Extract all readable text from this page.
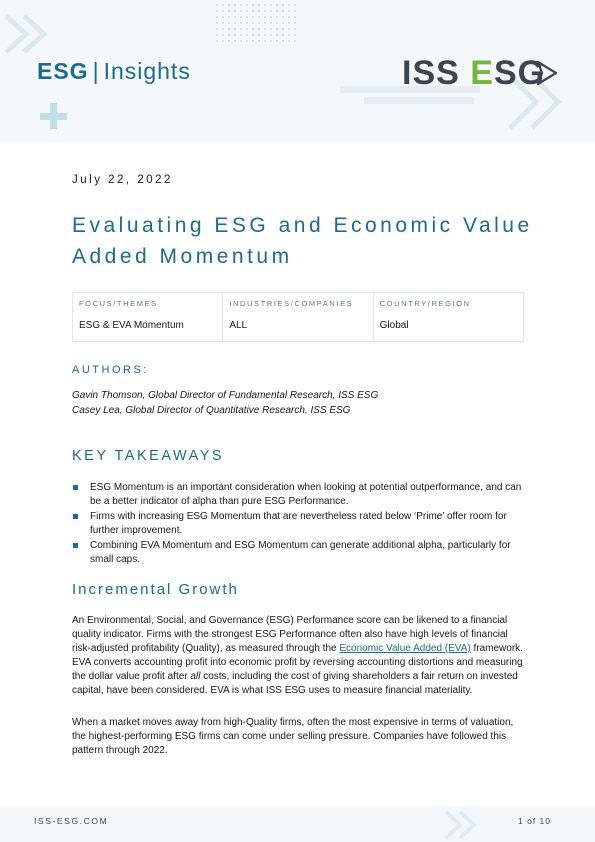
ESG | Insights	ISS ESG
July 22, 2022
Evaluating ESG and Economic Value Added Momentum
FOCUS/THEMES
ESG & EVA Momentum
INDUSTRIES/COMPANIES
ALL
COUNTRY/REGION
Global
AUTHORS:
Gavin Thomson, Global Director of Fundamental Research, ISS ESG
Casey Lea, Global Director of Quantitative Research, ISS ESG
KEY TAKEAWAYS
ESG Momentum is an important consideration when looking at potential outperformance, and can be a better indicator of alpha than pure ESG Performance.
Firms with increasing ESG Momentum that are nevertheless rated below ‘Prime’ offer room for further improvement.
Combining EVA Momentum and ESG Momentum can generate additional alpha, particularly for small caps.
Incremental Growth

An Environmental, Social, and Governance (ESG) Performance score can be likened to a financial quality indicator. Firms with the strongest ESG Performance often also have high levels of financial risk-adjusted profitability (Quality), as measured through the Economic Value Added (EVA) framework. EVA converts accounting profit into economic profit by reversing accounting distortions and measuring the dollar value profit after all costs, including the cost of giving shareholders a fair return on invested capital, have been considered. EVA is what ISS ESG uses to measure financial materiality.

When a market moves away from high-Quality firms, often the most expensive in terms of valuation, the highest-performing ESG firms can come under selling pressure. Companies have followed this pattern through 2022.

ISS-ESG.COM	1 of 10
